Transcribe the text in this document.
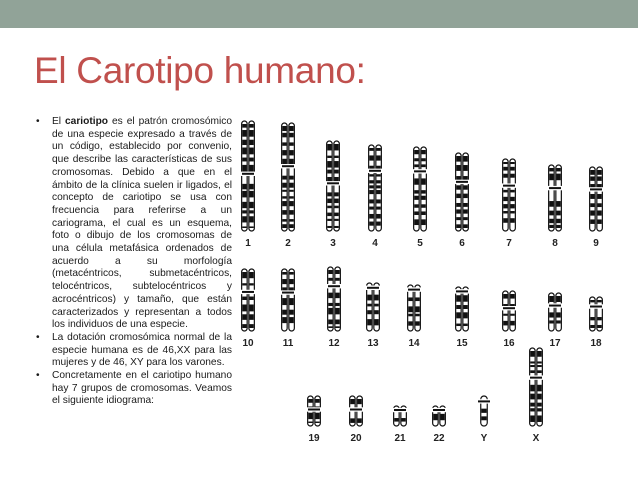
El Carotipo humano:
• El cariotipo es el patrón cromosómico de una especie expresado a través de un código, establecido por convenio, que describe las características de sus cromosomas. Debido a que en el ámbito de la clínica suelen ir ligados, el concepto de cariotipo se usa con frecuencia para referirse a un cariograma, el cual es un esquema, foto o dibujo de los cromosomas de una célula metafásica ordenados de acuerdo a su morfología (metacéntricos, submetacéntricos, telocéntricos, subtelocéntricos y acrocéntricos) y tamaño, que están caracterizados y representan a todos los individuos de una especie.
• La dotación cromosómica normal de la especie humana es de 46,XX para las mujeres y de 46, XY para los varones.
• Concretamente en el cariotipo humano hay 7 grupos de cromosomas. Veamos el siguiente idiograma:
1	2	3	4	5	6	7	8	9
10	11	12	13	14	15	16	17	18
19	20	21	22	Y	X
